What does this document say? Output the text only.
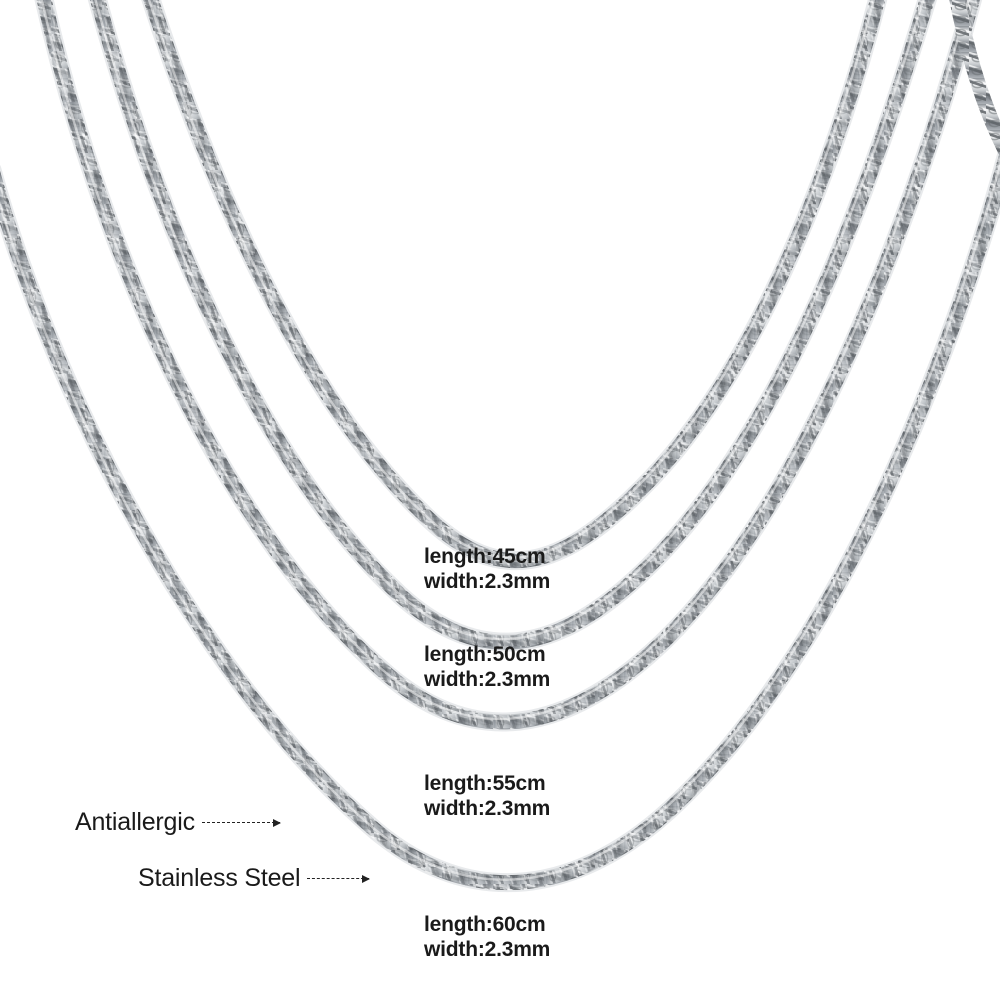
length:45cm
width:2.3mm
length:50cm
width:2.3mm
length:55cm
width:2.3mm
length:60cm
width:2.3mm
Antiallergic
Stainless Steel
